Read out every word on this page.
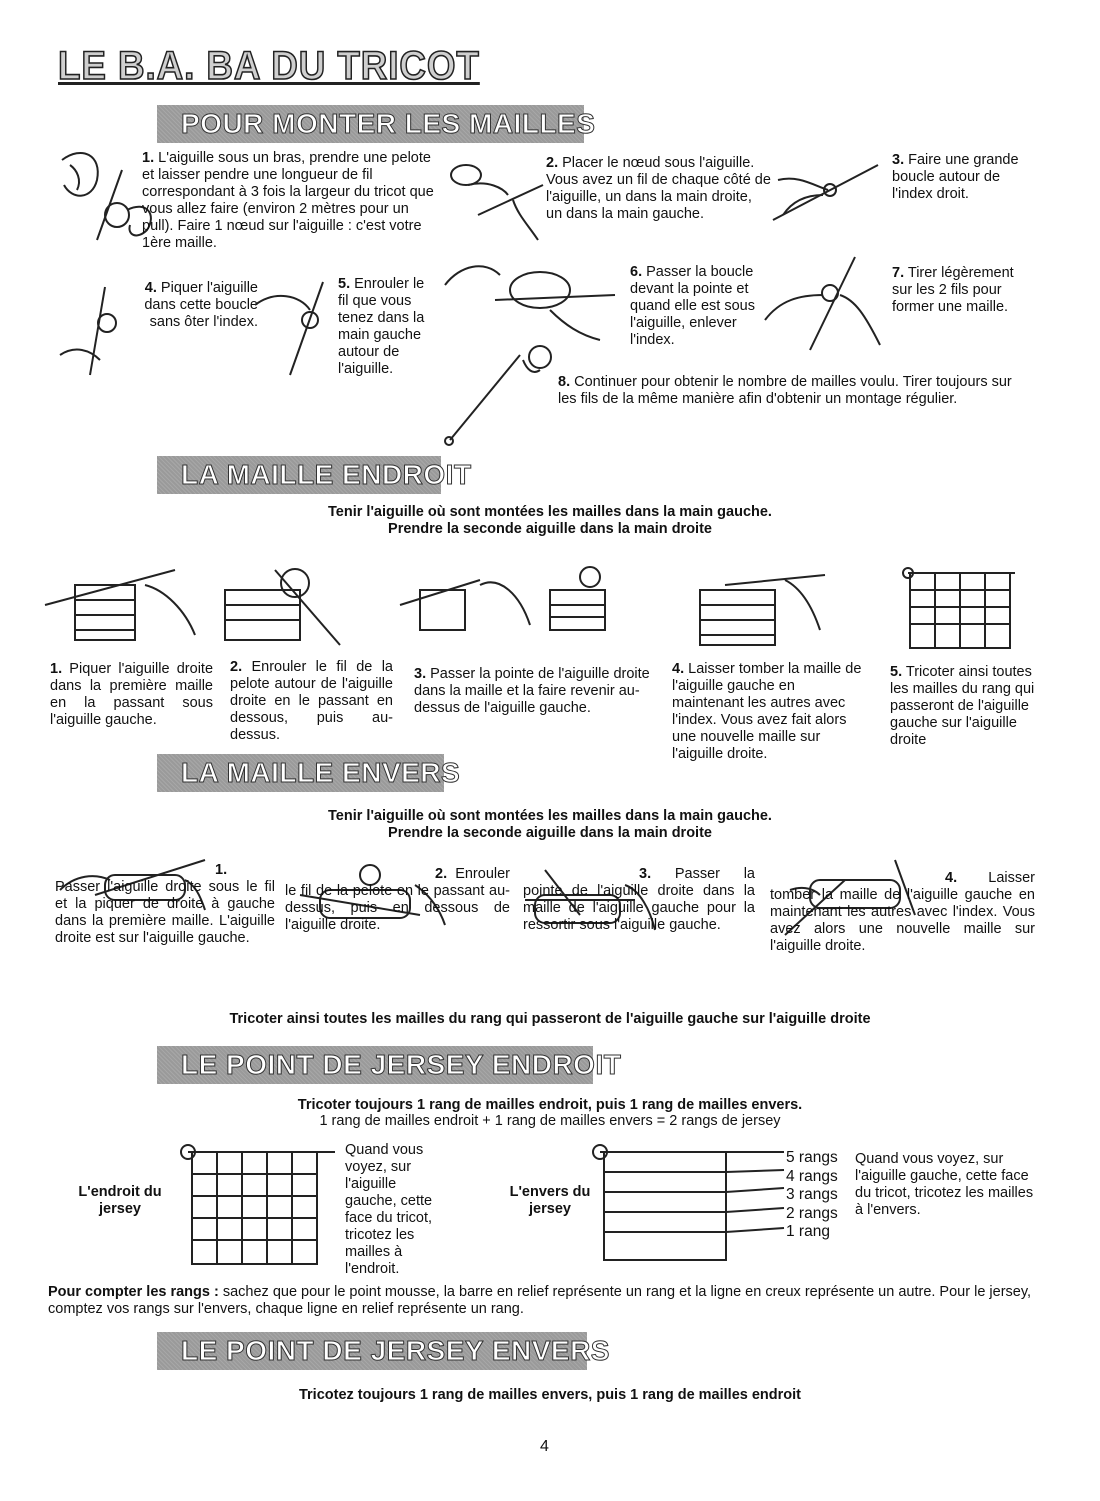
LE B.A. BA DU TRICOT
POUR MONTER LES MAILLES
1. L'aiguille sous un bras, prendre une pelote et laisser pendre une longueur de fil correspondant à 3 fois la largeur du tricot que vous allez faire (environ 2 mètres pour un pull). Faire 1 nœud sur l'aiguille : c'est votre 1ère maille.
2. Placer le nœud sous l'aiguille. Vous avez un fil de chaque côté de l'aiguille, un dans la main droite, un dans la main gauche.
3. Faire une grande boucle autour de l'index droit.
4. Piquer l'aiguille dans cette boucle sans ôter l'index.
5. Enrouler le fil que vous tenez dans la main gauche autour de l'aiguille.
6. Passer la boucle devant la pointe et quand elle est sous l'aiguille, enlever l'index.
7. Tirer légèrement sur les 2 fils pour former une maille.
8. Continuer pour obtenir le nombre de mailles voulu. Tirer toujours sur les fils de la même manière afin d'obtenir un montage régulier.
LA MAILLE ENDROIT
Tenir l'aiguille où sont montées les mailles dans la main gauche.
Prendre la seconde aiguille dans la main droite
1. Piquer l'aiguille droite dans la première maille en la passant sous l'aiguille gauche.
2. Enrouler le fil de la pelote autour de l'aiguille droite en le passant en dessous, puis au-dessus.
3. Passer la pointe de l'aiguille droite dans la maille et la faire revenir au-dessus de l'aiguille gauche.
4. Laisser tomber la maille de l'aiguille gauche en maintenant les autres avec l'index. Vous avez fait alors une nouvelle maille sur l'aiguille droite.
5. Tricoter ainsi toutes les mailles du rang qui passeront de l'aiguille gauche sur l'aiguille droite
LA MAILLE ENVERS
Tenir l'aiguille où sont montées les mailles dans la main gauche.
Prendre la seconde aiguille dans la main droite
1. Passer l'aiguille droite sous le fil et la piquer de droite à gauche dans la première maille. L'aiguille droite est sur l'aiguille gauche.
2. Enrouler le fil de la pelote en le passant au-dessus, puis en dessous de l'aiguille droite.
3. Passer la pointe de l'aiguille droite dans la maille de l'aiguille gauche pour la ressortir sous l'aiguille gauche.
4. Laisser tomber la maille de l'aiguille gauche en maintenant les autres avec l'index. Vous avez alors une nouvelle maille sur l'aiguille droite.
Tricoter ainsi toutes les mailles du rang qui passeront de l'aiguille gauche sur l'aiguille droite
LE POINT DE JERSEY ENDROIT
Tricoter toujours 1 rang de mailles endroit, puis 1 rang de mailles envers.
1 rang de mailles endroit + 1 rang de mailles envers = 2 rangs de jersey
L'endroit du jersey
Quand vous voyez, sur l'aiguille gauche, cette face du tricot, tricotez les mailles à l'endroit.
L'envers du jersey
5 rangs
4 rangs
3 rangs
2 rangs
1 rang
Quand vous voyez, sur l'aiguille gauche, cette face du tricot, tricotez les mailles à l'envers.
Pour compter les rangs : sachez que pour le point mousse, la barre en relief représente un rang et la ligne en creux représente un autre. Pour le jersey, comptez vos rangs sur l'envers, chaque ligne en relief représente un rang.
LE POINT DE JERSEY ENVERS
Tricotez toujours 1 rang de mailles envers, puis 1 rang de mailles endroit
4
